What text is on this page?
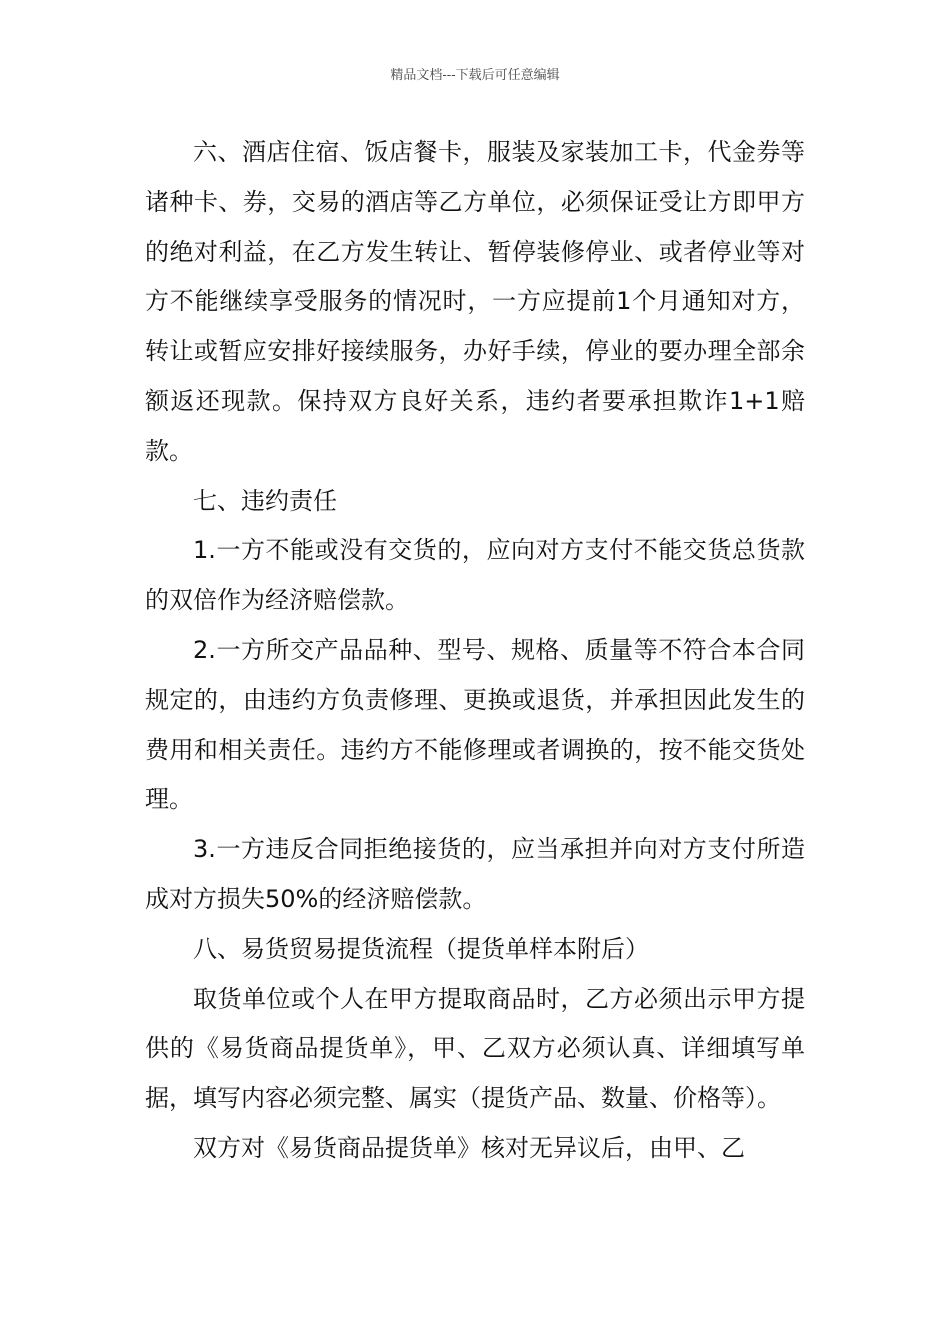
精品文档---下载后可任意编辑

六、酒店住宿、饭店餐卡，服装及家装加工卡，代金券等诸种卡、券，交易的酒店等乙方单位，必须保证受让方即甲方的绝对利益，在乙方发生转让、暂停装修停业、或者停业等对方不能继续享受服务的情况时，一方应提前1个月通知对方，转让或暂应安排好接续服务，办好手续，停业的要办理全部余额返还现款。保持双方良好关系，违约者要承担欺诈1+1赔款。

七、违约责任

1.一方不能或没有交货的，应向对方支付不能交货总货款的双倍作为经济赔偿款。

2.一方所交产品品种、型号、规格、质量等不符合本合同规定的，由违约方负责修理、更换或退货，并承担因此发生的费用和相关责任。违约方不能修理或者调换的，按不能交货处理。

3.一方违反合同拒绝接货的，应当承担并向对方支付所造成对方损失50%的经济赔偿款。

八、易货贸易提货流程（提货单样本附后）

取货单位或个人在甲方提取商品时，乙方必须出示甲方提供的《易货商品提货单》，甲、乙双方必须认真、详细填写单据，填写内容必须完整、属实（提货产品、数量、价格等）。

双方对《易货商品提货单》核对无异议后，由甲、乙
